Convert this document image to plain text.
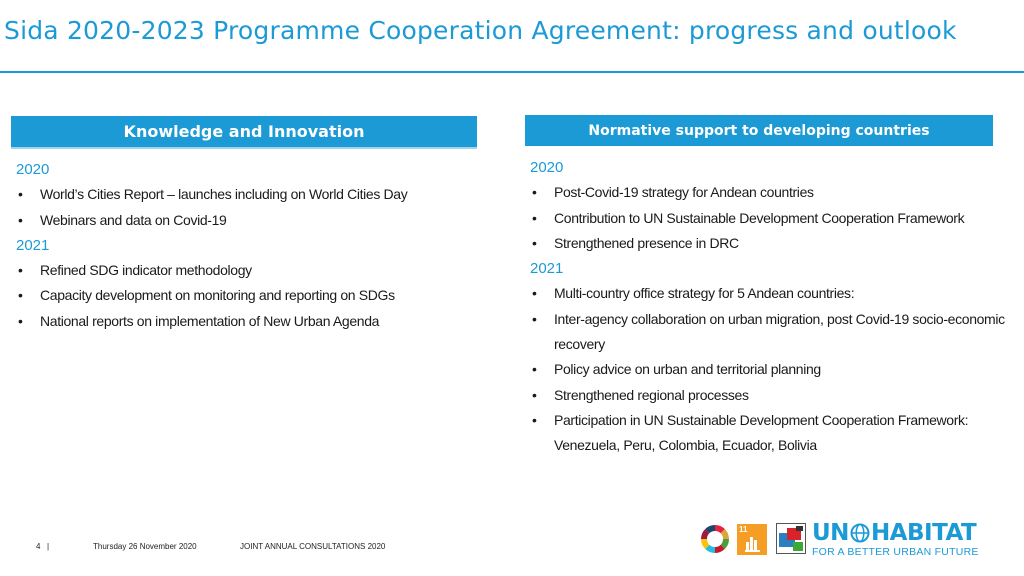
Sida 2020-2023 Programme Cooperation Agreement: progress and outlook
Knowledge and Innovation
2020
• World’s Cities Report – launches including on World Cities Day
• Webinars and data on Covid-19
2021
• Refined SDG indicator methodology
• Capacity development on monitoring and reporting on SDGs
• National reports on implementation of New Urban Agenda
Normative support to developing countries
2020
• Post-Covid-19 strategy for Andean countries
• Contribution to UN Sustainable Development Cooperation Framework
• Strengthened presence in DRC
2021
• Multi-country office strategy for 5 Andean countries:
• Inter-agency collaboration on urban migration, post Covid-19 socio-economic recovery
• Policy advice on urban and territorial planning
• Strengthened regional processes
• Participation in UN Sustainable Development Cooperation Framework: Venezuela, Peru, Colombia, Ecuador, Bolivia
4 |	Thursday 26 November 2020	JOINT ANNUAL CONSULTATIONS 2020
11	UN HABITAT
FOR A BETTER URBAN FUTURE
